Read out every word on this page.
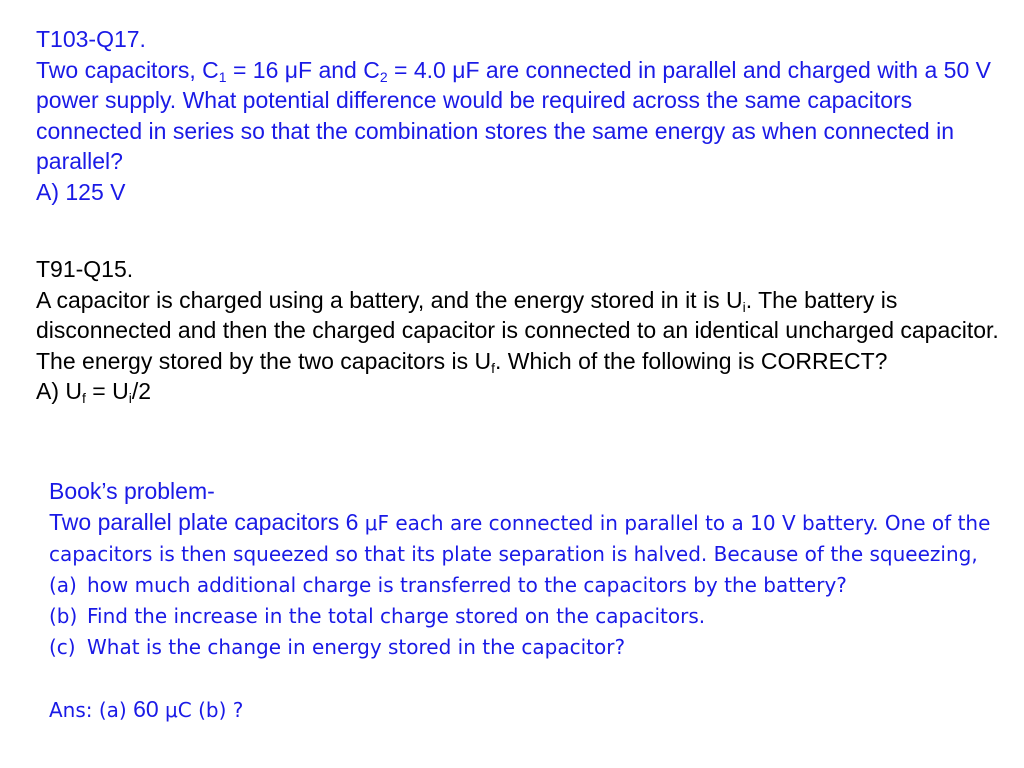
T103-Q17.
Two capacitors, $C_1 = 16$ μF and $C_2 = 4.0$ μF are connected in parallel and charged with a 50 V power supply. What potential difference would be required across the same capacitors connected in series so that the combination stores the same energy as when connected in parallel?
A) 125 V
T91-Q15.
A capacitor is charged using a battery, and the energy stored in it is $U_i$. The battery is disconnected and then the charged capacitor is connected to an identical uncharged capacitor. The energy stored by the two capacitors is $U_f$. Which of the following is CORRECT?
A) $U_f = U_i/2$
Book’s problem-
Two parallel plate capacitors 6 μF each are connected in parallel to a 10 V battery. One of the capacitors is then squeezed so that its plate separation is halved. Because of the squeezing,
(a) how much additional charge is transferred to the capacitors by the battery?
(b) Find the increase in the total charge stored on the capacitors.
(c) What is the change in energy stored in the capacitor?
Ans: (a) 60 μC (b) ?
